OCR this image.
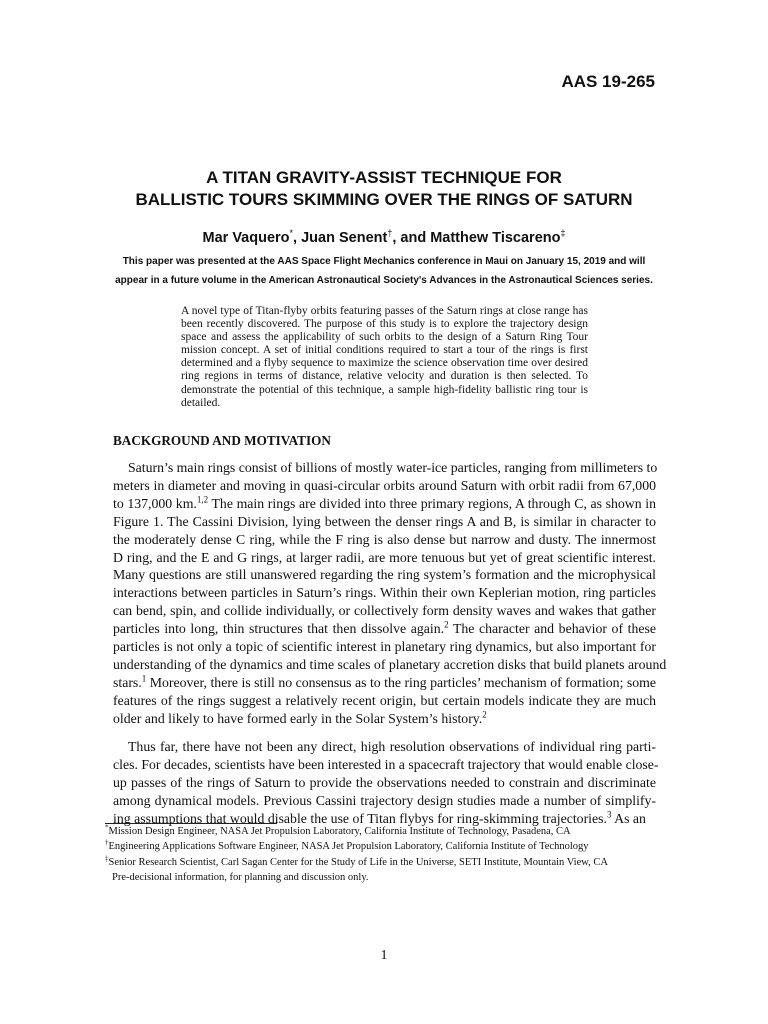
AAS 19-265
A TITAN GRAVITY-ASSIST TECHNIQUE FOR
BALLISTIC TOURS SKIMMING OVER THE RINGS OF SATURN
Mar Vaquero*, Juan Senent†, and Matthew Tiscareno‡
This paper was presented at the AAS Space Flight Mechanics conference in Maui on January 15, 2019 and will
appear in a future volume in the American Astronautical Society's Advances in the Astronautical Sciences series.
A novel type of Titan-flyby orbits featuring passes of the Saturn rings at close range has been recently discovered. The purpose of this study is to explore the trajectory design space and assess the applicability of such orbits to the design of a Saturn Ring Tour mission concept. A set of initial conditions required to start a tour of the rings is first determined and a flyby sequence to maximize the science observation time over desired ring regions in terms of distance, relative velocity and duration is then selected. To demonstrate the potential of this technique, a sample high-fidelity ballistic ring tour is detailed.
BACKGROUND AND MOTIVATION
Saturn’s main rings consist of billions of mostly water-ice particles, ranging from millimeters to
meters in diameter and moving in quasi-circular orbits around Saturn with orbit radii from 67,000
to 137,000 km.$^{1,2}$ The main rings are divided into three primary regions, A through C, as shown in
Figure 1. The Cassini Division, lying between the denser rings A and B, is similar in character to
the moderately dense C ring, while the F ring is also dense but narrow and dusty. The innermost
D ring, and the E and G rings, at larger radii, are more tenuous but yet of great scientific interest.
Many questions are still unanswered regarding the ring system’s formation and the microphysical
interactions between particles in Saturn’s rings. Within their own Keplerian motion, ring particles
can bend, spin, and collide individually, or collectively form density waves and wakes that gather
particles into long, thin structures that then dissolve again.$^2$ The character and behavior of these
particles is not only a topic of scientific interest in planetary ring dynamics, but also important for
understanding of the dynamics and time scales of planetary accretion disks that build planets around
stars.$^1$ Moreover, there is still no consensus as to the ring particles’ mechanism of formation; some
features of the rings suggest a relatively recent origin, but certain models indicate they are much
older and likely to have formed early in the Solar System’s history.$^2$
Thus far, there have not been any direct, high resolution observations of individual ring parti-
cles. For decades, scientists have been interested in a spacecraft trajectory that would enable close-
up passes of the rings of Saturn to provide the observations needed to constrain and discriminate
among dynamical models. Previous Cassini trajectory design studies made a number of simplify-
ing assumptions that would disable the use of Titan flybys for ring-skimming trajectories.$^3$ As an
*Mission Design Engineer, NASA Jet Propulsion Laboratory, California Institute of Technology, Pasadena, CA
†Engineering Applications Software Engineer, NASA Jet Propulsion Laboratory, California Institute of Technology
‡Senior Research Scientist, Carl Sagan Center for the Study of Life in the Universe, SETI Institute, Mountain View, CA
Pre-decisional information, for planning and discussion only.
1
